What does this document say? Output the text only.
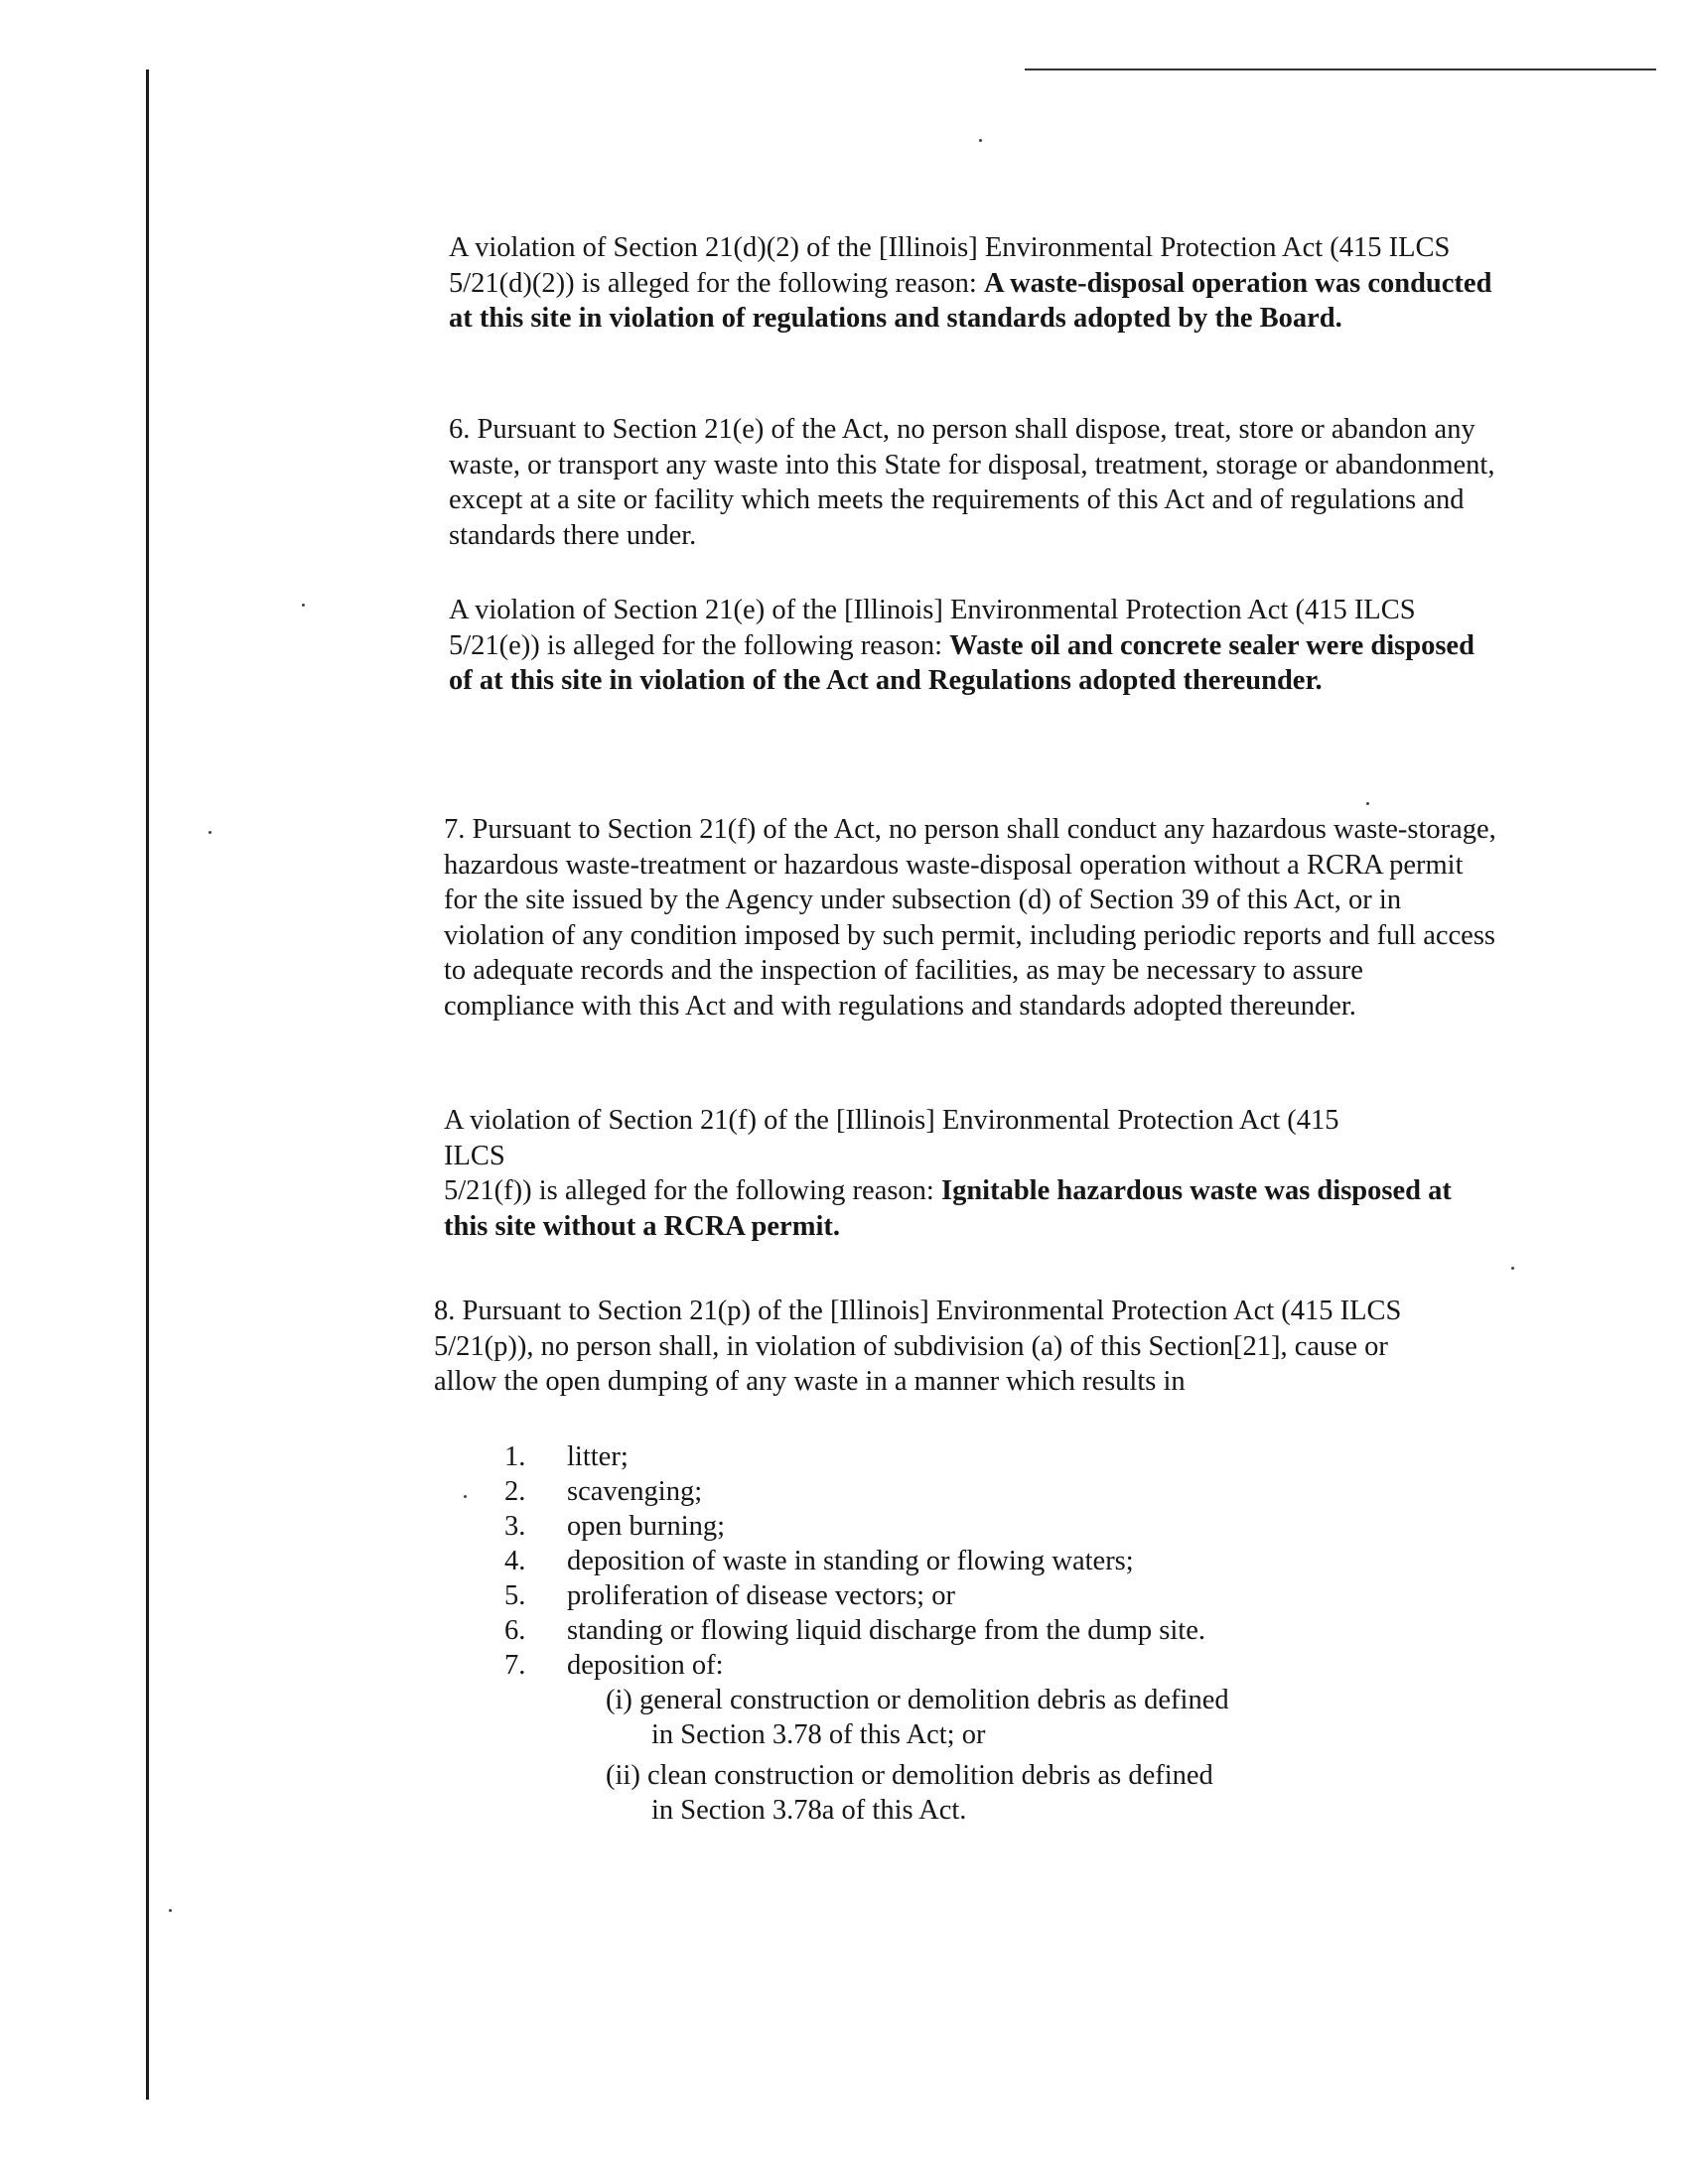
A violation of Section 21(d)(2) of the [Illinois] Environmental Protection Act (415 ILCS 5/21(d)(2)) is alleged for the following reason: A waste-disposal operation was conducted at this site in violation of regulations and standards adopted by the Board.

6. Pursuant to Section 21(e) of the Act, no person shall dispose, treat, store or abandon any waste, or transport any waste into this State for disposal, treatment, storage or abandonment, except at a site or facility which meets the requirements of this Act and of regulations and standards there under.

A violation of Section 21(e) of the [Illinois] Environmental Protection Act (415 ILCS 5/21(e)) is alleged for the following reason: Waste oil and concrete sealer were disposed of at this site in violation of the Act and Regulations adopted thereunder.

7. Pursuant to Section 21(f) of the Act, no person shall conduct any hazardous waste-storage, hazardous waste-treatment or hazardous waste-disposal operation without a RCRA permit for the site issued by the Agency under subsection (d) of Section 39 of this Act, or in violation of any condition imposed by such permit, including periodic reports and full access to adequate records and the inspection of facilities, as may be necessary to assure compliance with this Act and with regulations and standards adopted thereunder.

A violation of Section 21(f) of the [Illinois] Environmental Protection Act (415
ILCS
5/21(f)) is alleged for the following reason: Ignitable hazardous waste was disposed at this site without a RCRA permit.

8. Pursuant to Section 21(p) of the [Illinois] Environmental Protection Act (415 ILCS 5/21(p)), no person shall, in violation of subdivision (a) of this Section[21], cause or allow the open dumping of any waste in a manner which results in

1. litter;
2. scavenging;
3. open burning;
4. deposition of waste in standing or flowing waters;
5. proliferation of disease vectors; or
6. standing or flowing liquid discharge from the dump site.
7. deposition of:
(i) general construction or demolition debris as defined
in Section 3.78 of this Act; or
(ii) clean construction or demolition debris as defined
in Section 3.78a of this Act.
